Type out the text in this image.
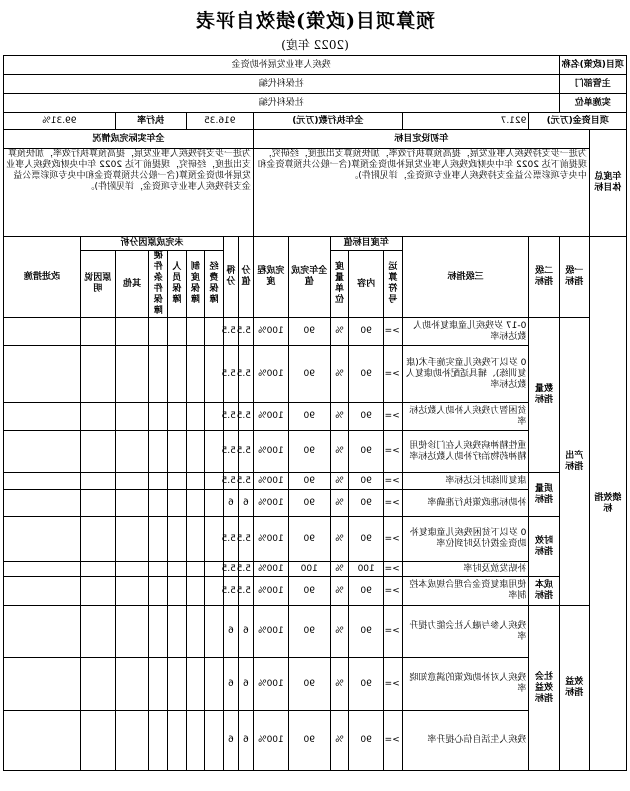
预算项目(政策)绩效自评表
(2022 年度)
项目(政策)名称		残疾人事业发展补助资金															
主管部门		社保科代编															
实施单位		社保科代编															
项目资金(万元)			921.7	全年执行数(万元)					916.35				执行率			99.31%	
年度总体目标	年初设定目标								全年实际完成情况								
	为进一步支持残疾人事业发展，提高预算执行效率，加快预算支出进度，经研究，现提前下达 2022 年中央财政残疾人事业发展补助资金预算(含一般公共预算资金和中央专项彩票公益金支持残疾人事业专项资金，详见附件)。								为进一步支持残疾人事业发展，提高预算执行效率，加快预算支出进度，经研究，现提前下达 2022 年中央财政残疾人事业发展补助资金预算(含一般公共预算资金和中央专项彩票公益金支持残疾人事业专项资金，详见附件)。								
绩效指标	一级指标	二级指标	三级指标	年度目标值			全年完成值	完成程度	分值	得分	未完成原因分析						改进措施
				运算符号	内容	度量单位					经费保障	制度保障	人员保障	硬件条件保障	其他	原因说明	
	产出指标	数量指标	0-17 岁残疾儿童康复补助人数达标率	>=	90	%	90	100%	5.5	5.5							
			0 岁以下残疾儿童实施手术(康复训练)、辅具适配补助康复人数达标率	>=	90	%	90	100%	5.5	5.5							
			贫困智力残疾人补助人数达标率	>=	90	%	90	100%	5.5	5.5							
			重性精神病残疾人在门诊使用精神药物治疗补助人数达标率	>=	90	%	90	100%	5.5	5.5							
		质量指标	康复训练时长达标率	>=	90	%	90	100%	5.5	5.5							
			补助标准政策执行准确率	>=	90	%	90	100%	6	6							
		时效指标	0 岁以下贫困残疾儿童康复补助资金拨付及时到位率	>=	90	%	90	100%	5.5	5.5							
			补贴发放及时率	>=	100	%	100	100%	5.5	5.5							
		成本指标	使用康复资金合理合规成本控制率	>=	90	%	90	100%	5.5	5.5							
	效益指标	社会效益指标	残疾人参与融入社会能力提升率	>=	90	%	90	100%	6	6							
			残疾人对补助政策的满意知晓率	>=	90	%	90	100%	6	6							
			残疾人生活自信心提升率	>=	90	%	90	100%	6	6							
